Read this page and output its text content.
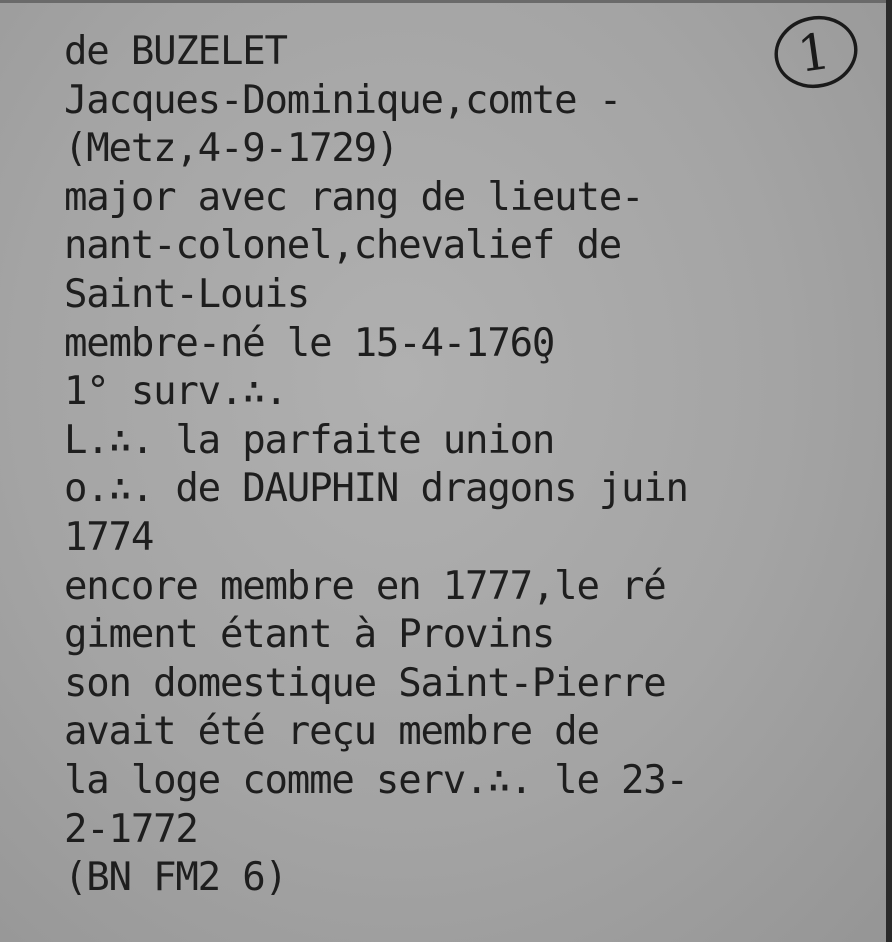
1
de BUZELET
Jacques-Dominique,comte -
(Metz,4-9-1729)
major avec rang de lieute-
nant-colonel,chevalief de
Saint-Louis
membre-né le 15-4-176̧0
1° surv.∴.
L.∴. la parfaite union
o.∴. de DAUPHIN dragons juin
1774
encore membre en 1777,le ré
giment étant à Provins
son domestique Saint-Pierre
avait été reçu membre de
la loge comme serv.∴. le 23-
2-1772
(BN FM2 6)
